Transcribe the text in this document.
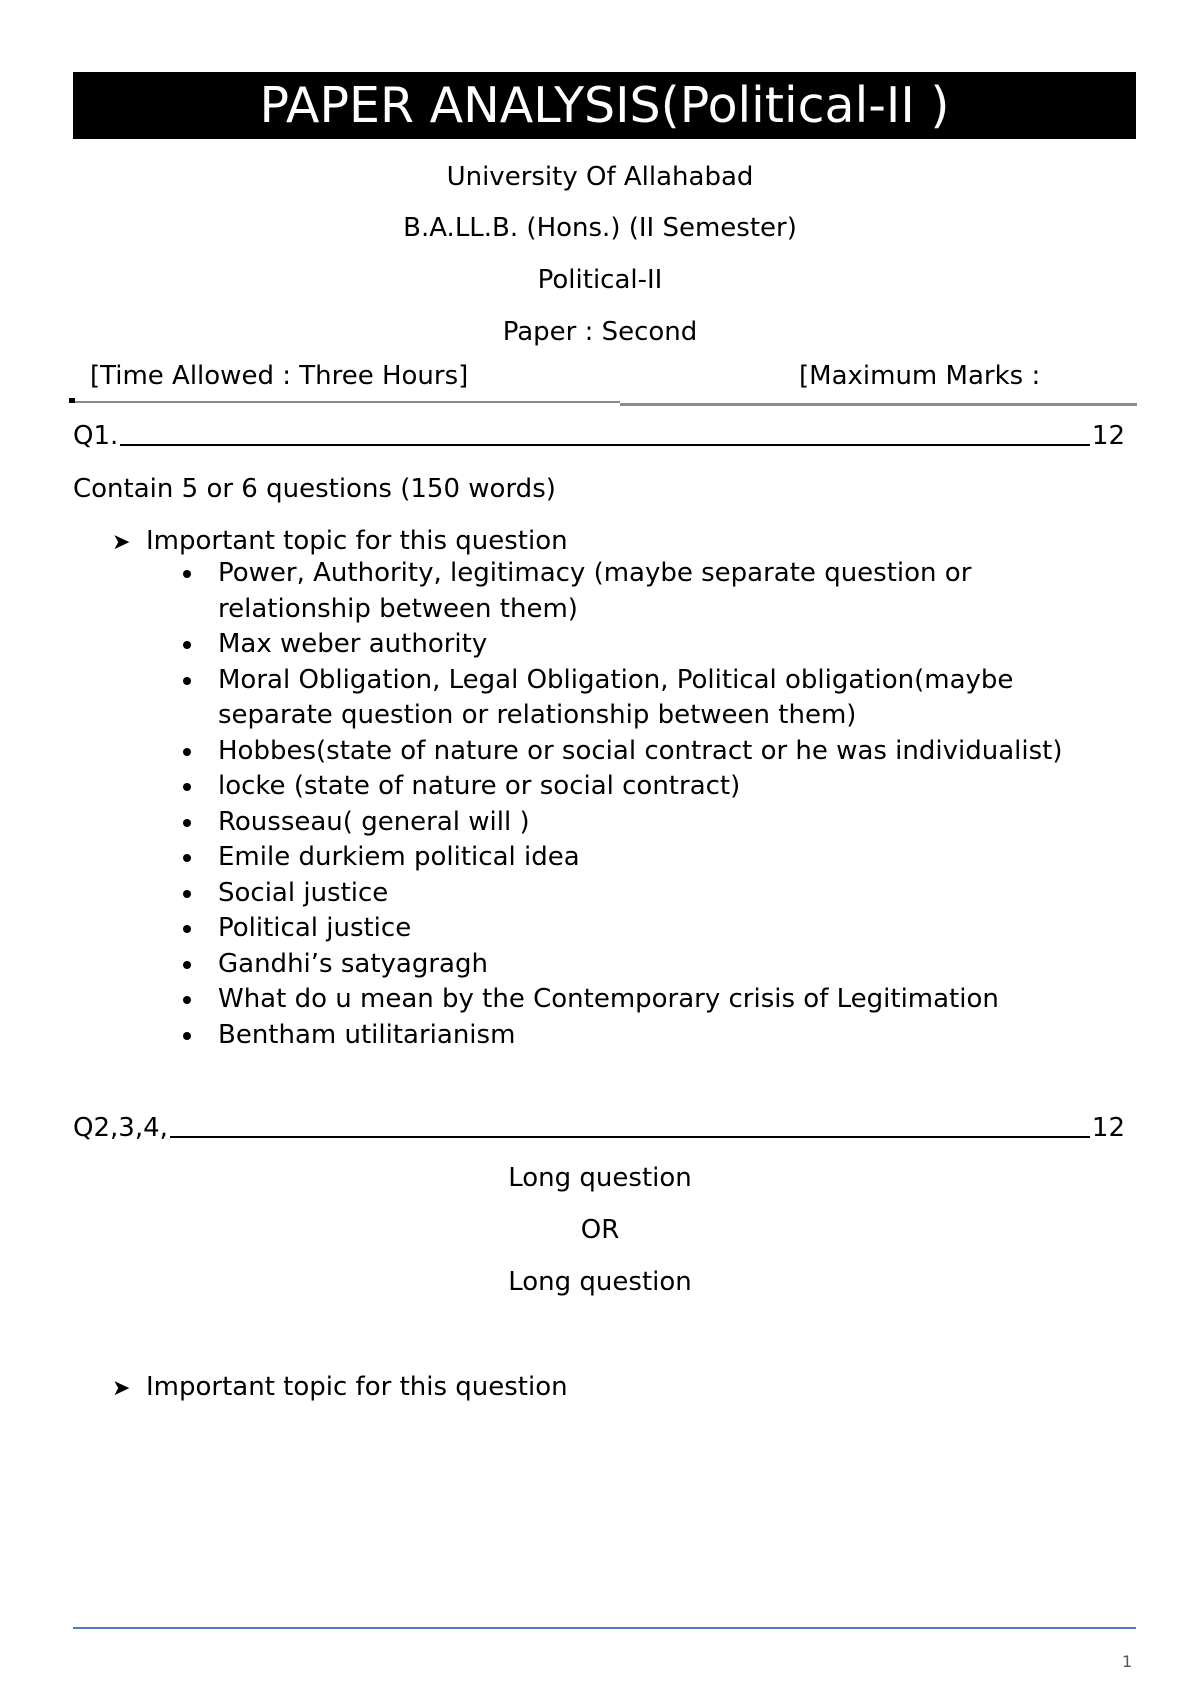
PAPER ANALYSIS(Political-II )
University Of Allahabad
B.A.LL.B. (Hons.) (II Semester)
Political-II
Paper : Second
[Time Allowed : Three Hours]	[Maximum Marks :
Q1.	12
Contain 5 or 6 questions (150 words)
➤ Important topic for this question
Power, Authority, legitimacy (maybe separate question or relationship between them)
Max weber authority
Moral Obligation, Legal Obligation, Political obligation(maybe separate question or relationship between them)
Hobbes(state of nature or social contract or he was individualist)
locke (state of nature or social contract)
Rousseau( general will )
Emile durkiem political idea
Social justice
Political justice
Gandhi’s satyagragh
What do u mean by the Contemporary crisis of Legitimation
Bentham utilitarianism
Q2,3,4,	12
Long question
OR
Long question
➤ Important topic for this question
1
